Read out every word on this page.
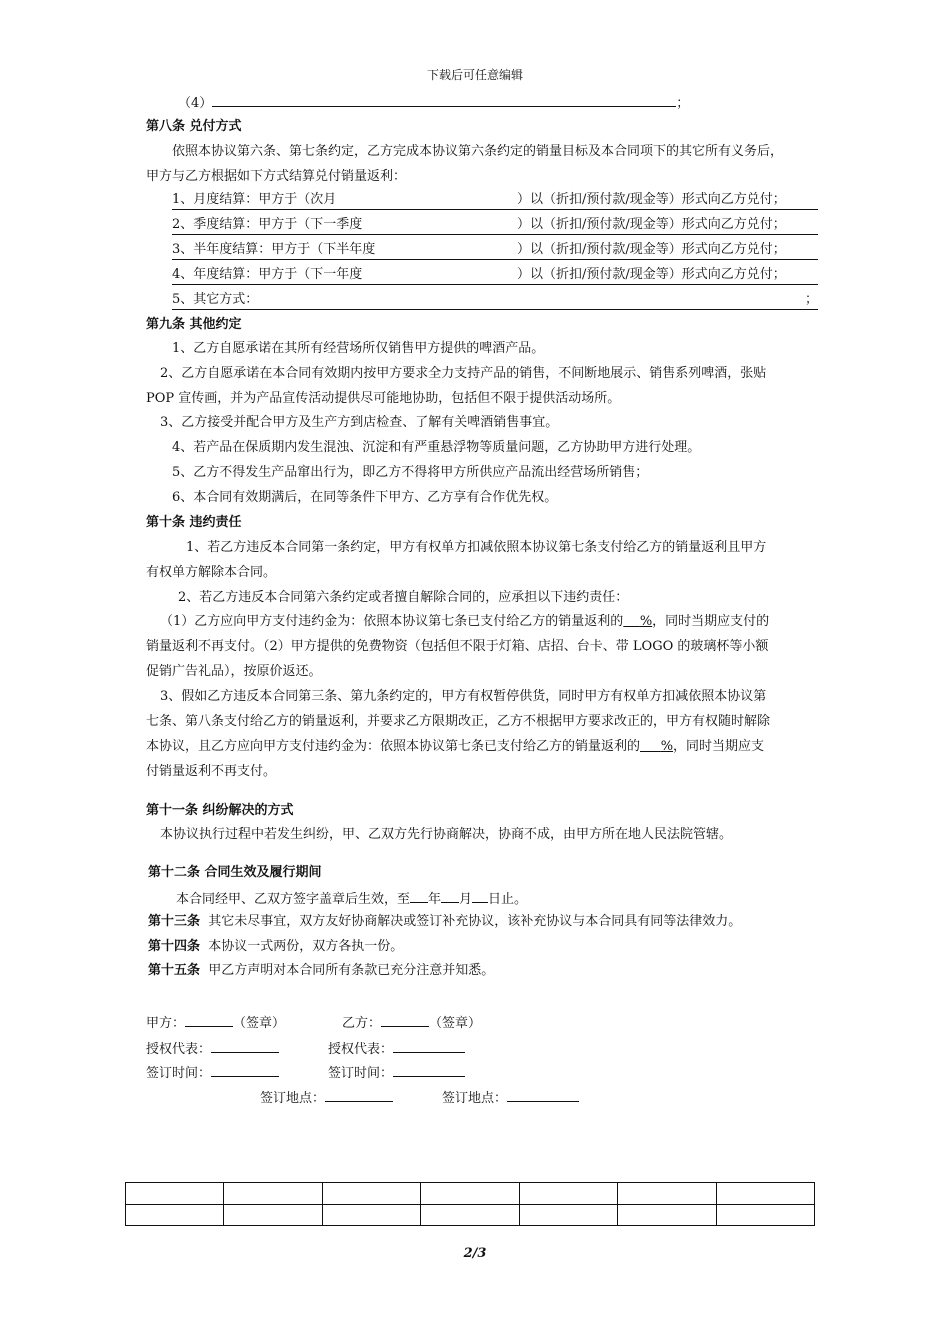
下载后可任意编辑
（4）	；
第八条 兑付方式
依照本协议第六条、第七条约定，乙方完成本协议第六条约定的销量目标及本合同项下的其它所有义务后，
甲方与乙方根据如下方式结算兑付销量返利：
1、月度结算：甲方于（次月	）以（折扣/预付款/现金等）形式向乙方兑付；
2、季度结算：甲方于（下一季度	）以（折扣/预付款/现金等）形式向乙方兑付；
3、半年度结算：甲方于（下半年度	）以（折扣/预付款/现金等）形式向乙方兑付；
4、年度结算：甲方于（下一年度	）以（折扣/预付款/现金等）形式向乙方兑付；
5、其它方式：	；
第九条 其他约定
1、乙方自愿承诺在其所有经营场所仅销售甲方提供的啤酒产品。
2、乙方自愿承诺在本合同有效期内按甲方要求全力支持产品的销售，不间断地展示、销售系列啤酒，张贴
POP 宣传画，并为产品宣传活动提供尽可能地协助，包括但不限于提供活动场所。
3、乙方接受并配合甲方及生产方到店检查、了解有关啤酒销售事宜。
4、若产品在保质期内发生混浊、沉淀和有严重悬浮物等质量问题，乙方协助甲方进行处理。
5、乙方不得发生产品窜出行为，即乙方不得将甲方所供应产品流出经营场所销售；
6、本合同有效期满后，在同等条件下甲方、乙方享有合作优先权。
第十条 违约责任
1、若乙方违反本合同第一条约定，甲方有权单方扣减依照本协议第七条支付给乙方的销量返利且甲方
有权单方解除本合同。
2、若乙方违反本合同第六条约定或者擅自解除合同的，应承担以下违约责任：
（1）乙方应向甲方支付违约金为：依照本协议第七条已支付给乙方的销量返利的 %，同时当期应支付的
销量返利不再支付。（2）甲方提供的免费物资（包括但不限于灯箱、店招、台卡、带 LOGO 的玻璃杯等小额
促销广告礼品），按原价返还。
3、假如乙方违反本合同第三条、第九条约定的，甲方有权暂停供货，同时甲方有权单方扣减依照本协议第
七条、第八条支付给乙方的销量返利，并要求乙方限期改正，乙方不根据甲方要求改正的，甲方有权随时解除
本协议，且乙方应向甲方支付违约金为：依照本协议第七条已支付给乙方的销量返利的 %，同时当期应支
付销量返利不再支付。
第十一条 纠纷解决的方式
本协议执行过程中若发生纠纷，甲、乙双方先行协商解决，协商不成，由甲方所在地人民法院管辖。
第十二条 合同生效及履行期间
本合同经甲、乙双方签字盖章后生效，至 年 月 日止。
第十三条 其它未尽事宜，双方友好协商解决或签订补充协议，该补充协议与本合同具有同等法律效力。
第十四条 本协议一式两份，双方各执一份。
第十五条 甲乙方声明对本合同所有条款已充分注意并知悉。
甲方：	（签章）	乙方：	（签章）
授权代表：	授权代表：
签订时间：	签订时间：
签订地点：	签订地点：

2/3
